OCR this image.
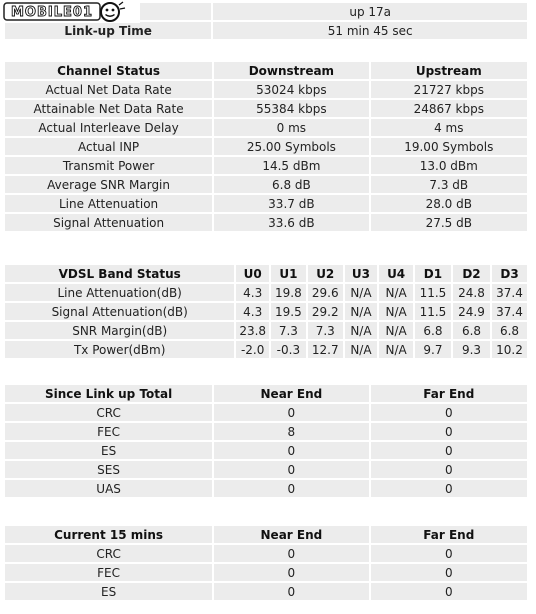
MOBILE01
		up 17a
Link-up Time	51 min 45 sec
Channel Status	Downstream	Upstream
Actual Net Data Rate	53024 kbps	21727 kbps
Attainable Net Data Rate	55384 kbps	24867 kbps
Actual Interleave Delay	0 ms	4 ms
Actual INP	25.00 Symbols	19.00 Symbols
Transmit Power	14.5 dBm	13.0 dBm
Average SNR Margin	6.8 dB	7.3 dB
Line Attenuation	33.7 dB	28.0 dB
Signal Attenuation	33.6 dB	27.5 dB
VDSL Band Status	U0	U1	U2	U3	U4	D1	D2	D3
Line Attenuation(dB)	4.3	19.8	29.6	N/A	N/A	11.5	24.8	37.4
Signal Attenuation(dB)	4.3	19.5	29.2	N/A	N/A	11.5	24.9	37.4
SNR Margin(dB)	23.8	7.3	7.3	N/A	N/A	6.8	6.8	6.8
Tx Power(dBm)	-2.0	-0.3	12.7	N/A	N/A	9.7	9.3	10.2
Since Link up Total	Near End	Far End
CRC	0	0
FEC	8	0
ES	0	0
SES	0	0
UAS	0	0
Current 15 mins	Near End	Far End
CRC	0	0
FEC	0	0
ES	0	0
